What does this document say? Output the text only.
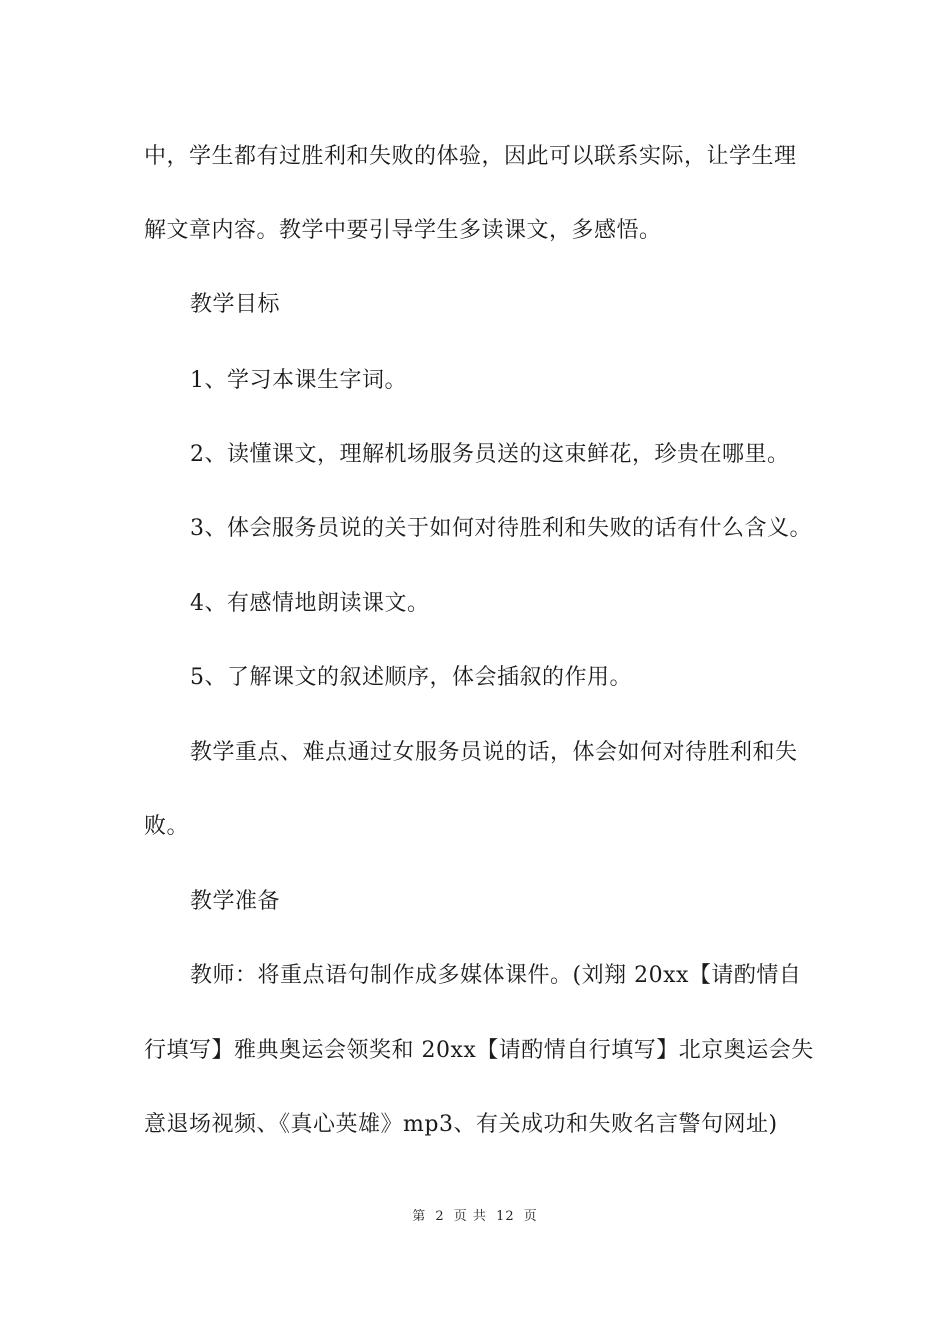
中，学生都有过胜利和失败的体验，因此可以联系实际，让学生理
解文章内容。教学中要引导学生多读课文，多感悟。
教学目标
1、学习本课生字词。
2、读懂课文，理解机场服务员送的这束鲜花，珍贵在哪里。
3、体会服务员说的关于如何对待胜利和失败的话有什么含义。
4、有感情地朗读课文。
5、了解课文的叙述顺序，体会插叙的作用。
教学重点、难点通过女服务员说的话，体会如何对待胜利和失
败。
教学准备
教师：将重点语句制作成多媒体课件。(刘翔 20xx【请酌情自
行填写】雅典奥运会领奖和 20xx【请酌情自行填写】北京奥运会失
意退场视频、《真心英雄》mp3、有关成功和失败名言警句网址)
第 2 页 共 12 页
